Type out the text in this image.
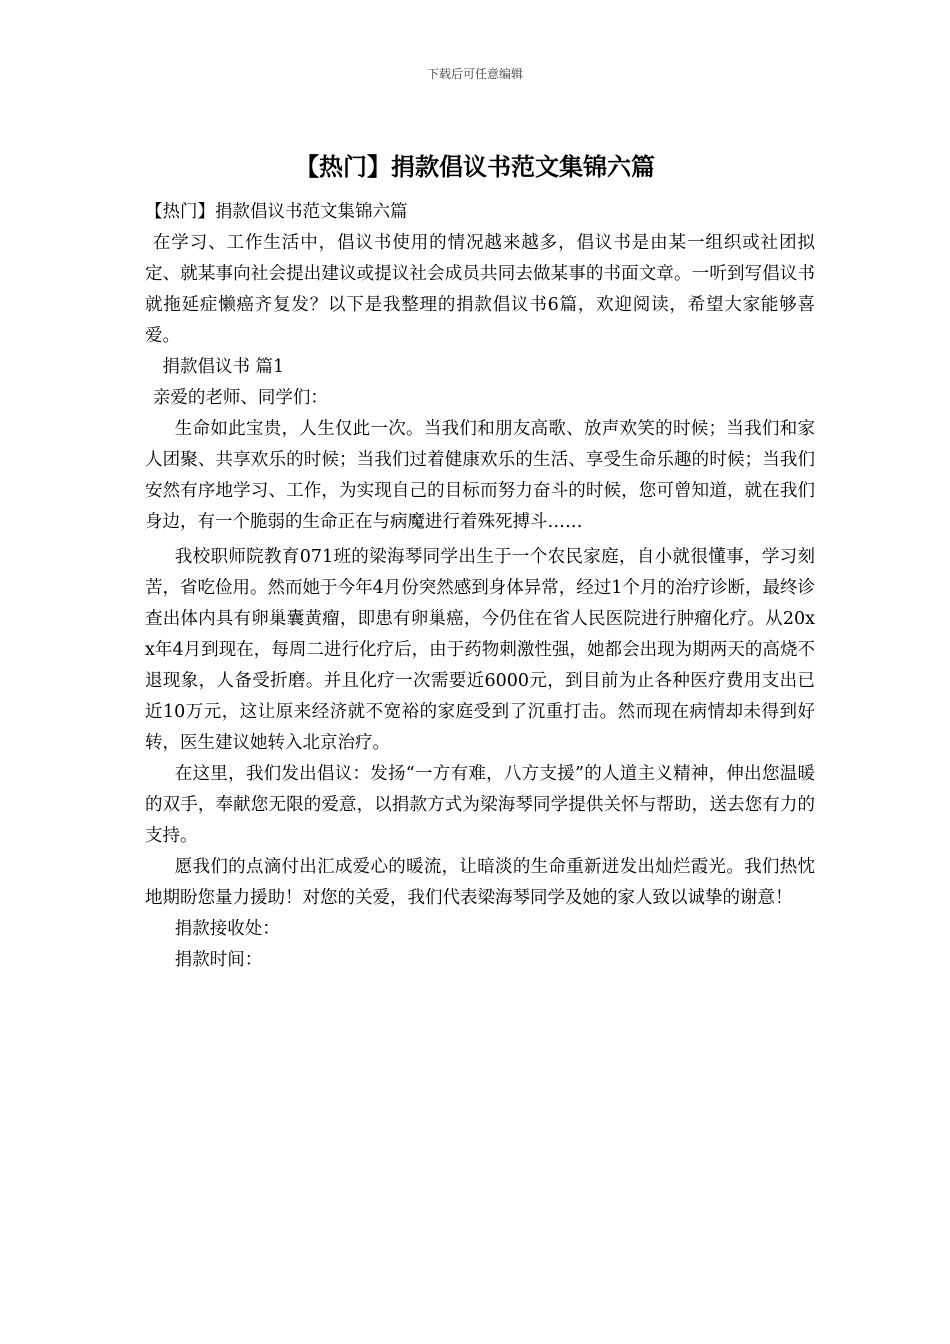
下载后可任意编辑
【热门】捐款倡议书范文集锦六篇

【热门】捐款倡议书范文集锦六篇

在学习、工作生活中，倡议书使用的情况越来越多，倡议书是由某一组织或社团拟定、就某事向社会提出建议或提议社会成员共同去做某事的书面文章。一听到写倡议书就拖延症懒癌齐复发？以下是我整理的捐款倡议书6篇，欢迎阅读，希望大家能够喜爱。

捐款倡议书 篇1

亲爱的老师、同学们：

生命如此宝贵，人生仅此一次。当我们和朋友高歌、放声欢笑的时候；当我们和家人团聚、共享欢乐的时候；当我们过着健康欢乐的生活、享受生命乐趣的时候；当我们安然有序地学习、工作，为实现自己的目标而努力奋斗的时候，您可曾知道，就在我们身边，有一个脆弱的生命正在与病魔进行着殊死搏斗……

我校职师院教育071班的梁海琴同学出生于一个农民家庭，自小就很懂事，学习刻苦，省吃俭用。然而她于今年4月份突然感到身体异常，经过1个月的治疗诊断，最终诊查出体内具有卵巢囊黄瘤，即患有卵巢癌，今仍住在省人民医院进行肿瘤化疗。从20xx年4月到现在，每周二进行化疗后，由于药物刺激性强，她都会出现为期两天的高烧不退现象，人备受折磨。并且化疗一次需要近6000元，到目前为止各种医疗费用支出已近10万元，这让原来经济就不宽裕的家庭受到了沉重打击。然而现在病情却未得到好转，医生建议她转入北京治疗。

在这里，我们发出倡议：发扬“一方有难，八方支援”的人道主义精神，伸出您温暖的双手，奉献您无限的爱意，以捐款方式为梁海琴同学提供关怀与帮助，送去您有力的支持。

愿我们的点滴付出汇成爱心的暖流，让暗淡的生命重新迸发出灿烂霞光。我们热忱地期盼您量力援助！对您的关爱，我们代表梁海琴同学及她的家人致以诚挚的谢意！

捐款接收处：

捐款时间：
